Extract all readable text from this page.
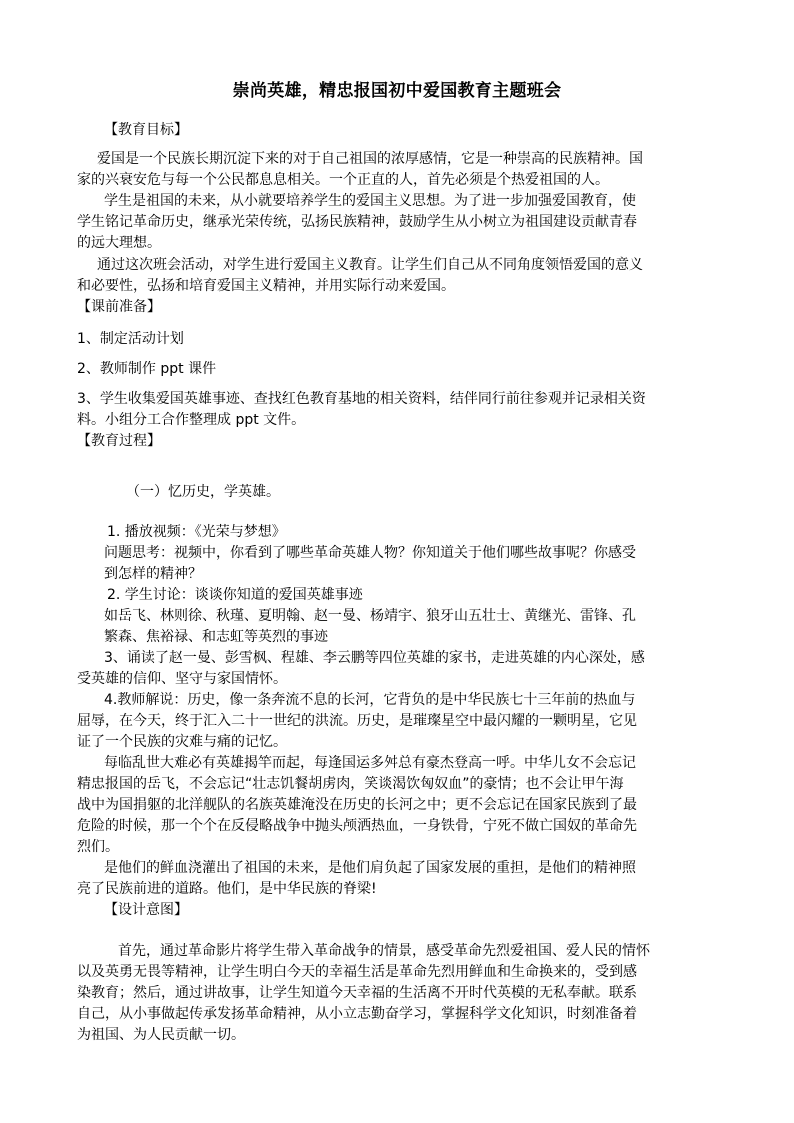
崇尚英雄，精忠报国初中爱国教育主题班会
【教育目标】
爱国是一个民族长期沉淀下来的对于自己祖国的浓厚感情，它是一种崇高的民族精神。国
家的兴衰安危与每一个公民都息息相关。一个正直的人，首先必须是个热爱祖国的人。
学生是祖国的未来，从小就要培养学生的爱国主义思想。为了进一步加强爱国教育，使
学生铭记革命历史，继承光荣传统，弘扬民族精神，鼓励学生从小树立为祖国建设贡献青春
的远大理想。
通过这次班会活动，对学生进行爱国主义教育。让学生们自己从不同角度领悟爱国的意义
和必要性，弘扬和培育爱国主义精神，并用实际行动来爱国。
【课前准备】
1、制定活动计划
2、教师制作 ppt 课件
3、学生收集爱国英雄事迹、查找红色教育基地的相关资料，结伴同行前往参观并记录相关资
料。小组分工合作整理成 ppt 文件。
【教育过程】
（一）忆历史，学英雄。
1. 播放视频：《光荣与梦想》
问题思考：视频中，你看到了哪些革命英雄人物？你知道关于他们哪些故事呢？你感受
到怎样的精神？
2. 学生讨论：谈谈你知道的爱国英雄事迹
如岳飞、林则徐、秋瑾、夏明翰、赵一曼、杨靖宇、狼牙山五壮士、黄继光、雷锋、孔
繁森、焦裕禄、和志虹等英烈的事迹
3、诵读了赵一曼、彭雪枫、程雄、李云鹏等四位英雄的家书，走进英雄的内心深处，感
受英雄的信仰、坚守与家国情怀。
4.教师解说：历史，像一条奔流不息的长河，它背负的是中华民族七十三年前的热血与
屈辱，在今天，终于汇入二十一世纪的洪流。历史，是璀璨星空中最闪耀的一颗明星，它见
证了一个民族的灾难与痛的记忆。
每临乱世大难必有英雄揭竿而起，每逢国运多舛总有豪杰登高一呼。中华儿女不会忘记
精忠报国的岳飞，不会忘记“壮志饥餐胡虏肉，笑谈渴饮匈奴血”的豪情；也不会让甲午海
战中为国捐躯的北洋舰队的名族英雄淹没在历史的长河之中；更不会忘记在国家民族到了最
危险的时候，那一个个在反侵略战争中抛头颅洒热血，一身铁骨，宁死不做亡国奴的革命先
烈们。
是他们的鲜血浇灌出了祖国的未来，是他们肩负起了国家发展的重担，是他们的精神照
亮了民族前进的道路。他们，是中华民族的脊梁!
【设计意图】
首先，通过革命影片将学生带入革命战争的情景，感受革命先烈爱祖国、爱人民的情怀
以及英勇无畏等精神，让学生明白今天的幸福生活是革命先烈用鲜血和生命换来的，受到感
染教育；然后，通过讲故事，让学生知道今天幸福的生活离不开时代英模的无私奉献。联系
自己，从小事做起传承发扬革命精神，从小立志勤奋学习，掌握科学文化知识，时刻准备着
为祖国、为人民贡献一切。
